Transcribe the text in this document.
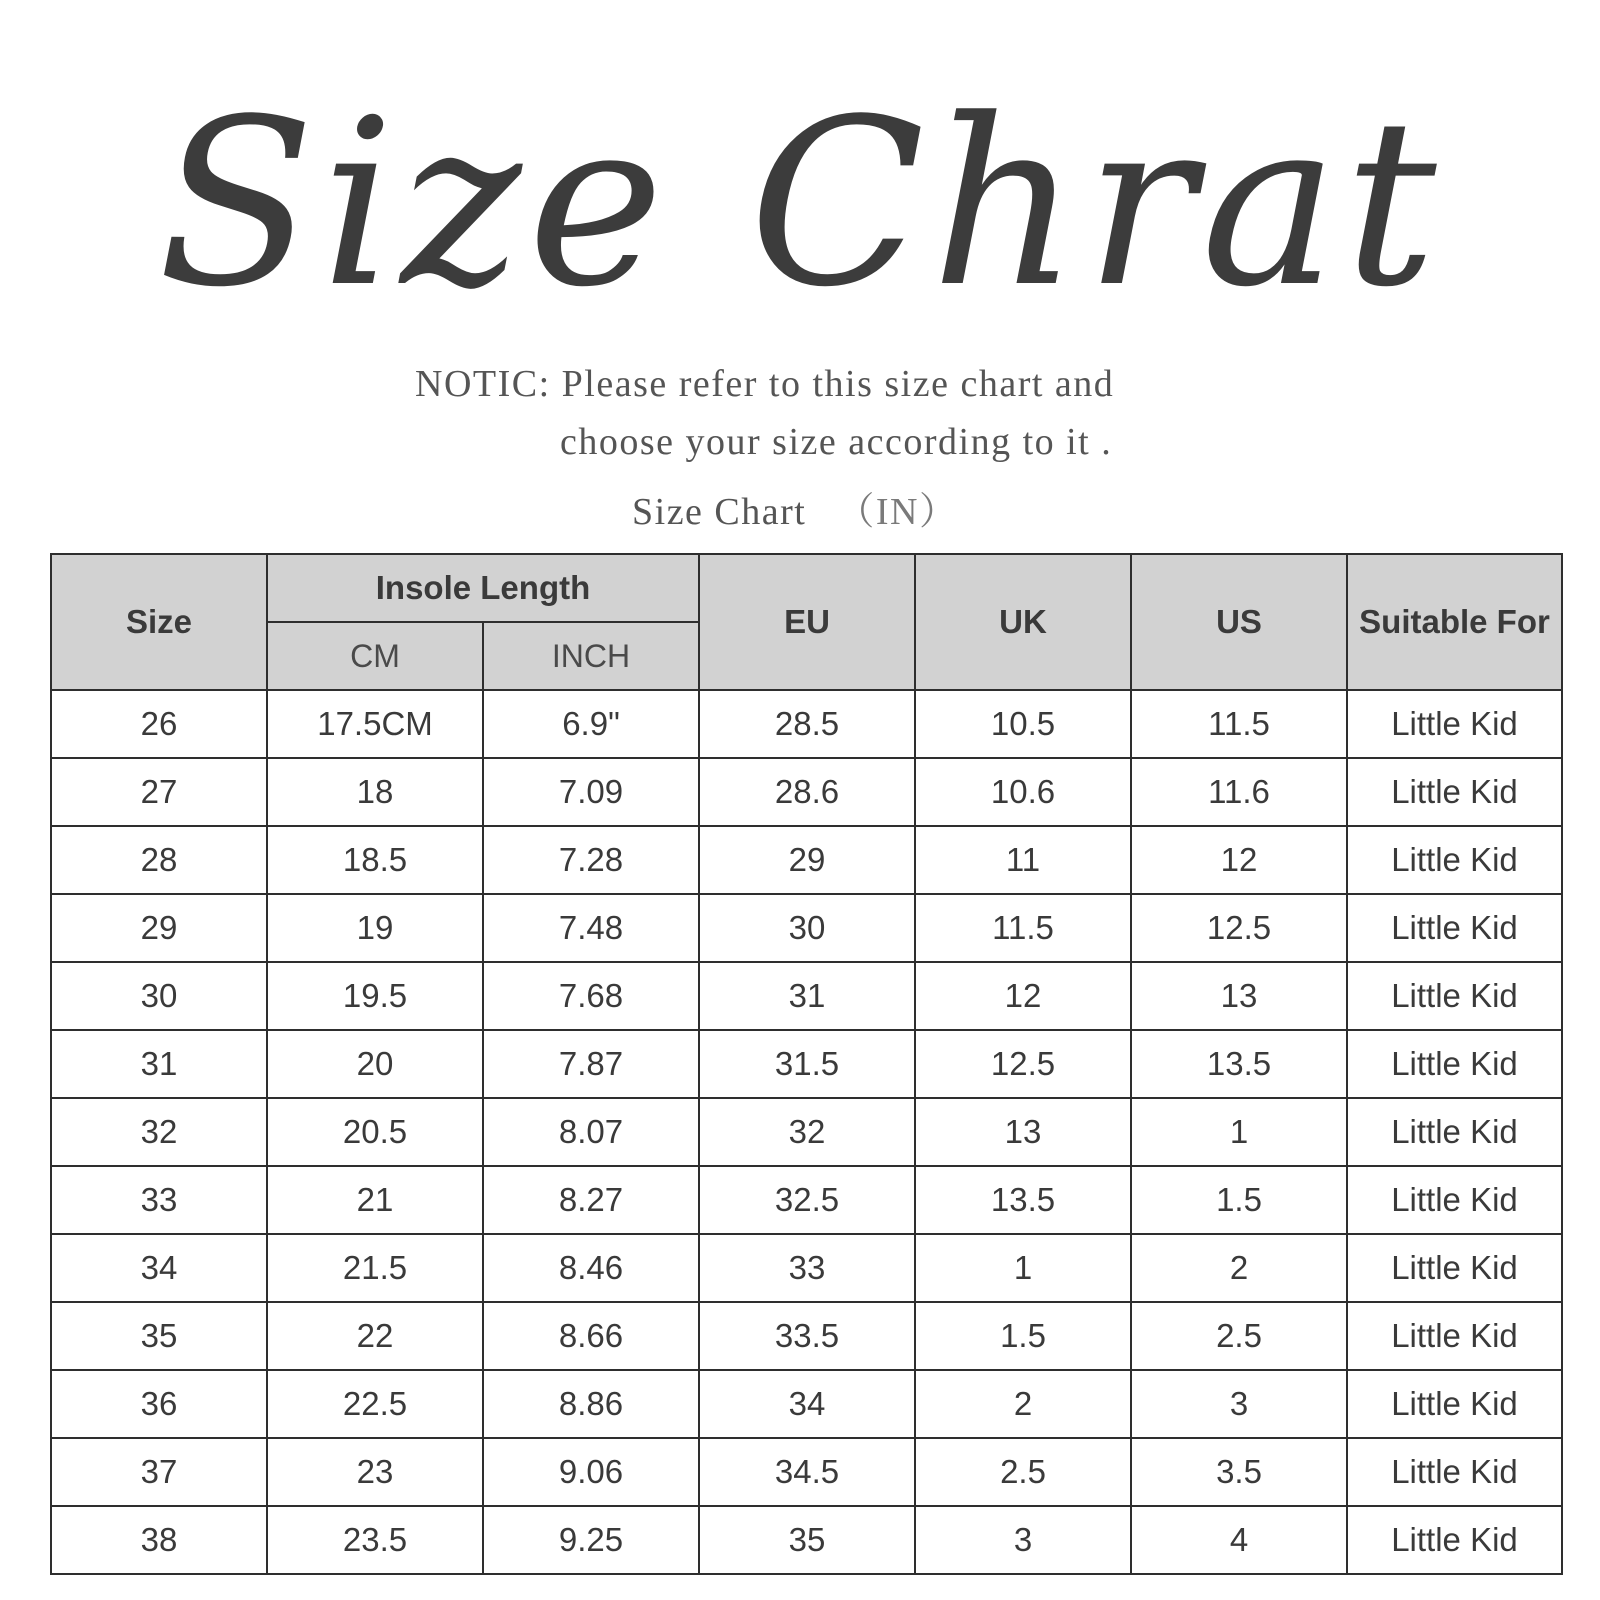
Size Chrat
NOTIC: Please refer to this size chart and
choose your size according to it .
Size Chart （IN）
Size	Insole Length		EU	UK	US	Suitable For
	CM	INCH				
26	17.5CM	6.9"	28.5	10.5	11.5	Little Kid
27	18	7.09	28.6	10.6	11.6	Little Kid
28	18.5	7.28	29	11	12	Little Kid
29	19	7.48	30	11.5	12.5	Little Kid
30	19.5	7.68	31	12	13	Little Kid
31	20	7.87	31.5	12.5	13.5	Little Kid
32	20.5	8.07	32	13	1	Little Kid
33	21	8.27	32.5	13.5	1.5	Little Kid
34	21.5	8.46	33	1	2	Little Kid
35	22	8.66	33.5	1.5	2.5	Little Kid
36	22.5	8.86	34	2	3	Little Kid
37	23	9.06	34.5	2.5	3.5	Little Kid
38	23.5	9.25	35	3	4	Little Kid
